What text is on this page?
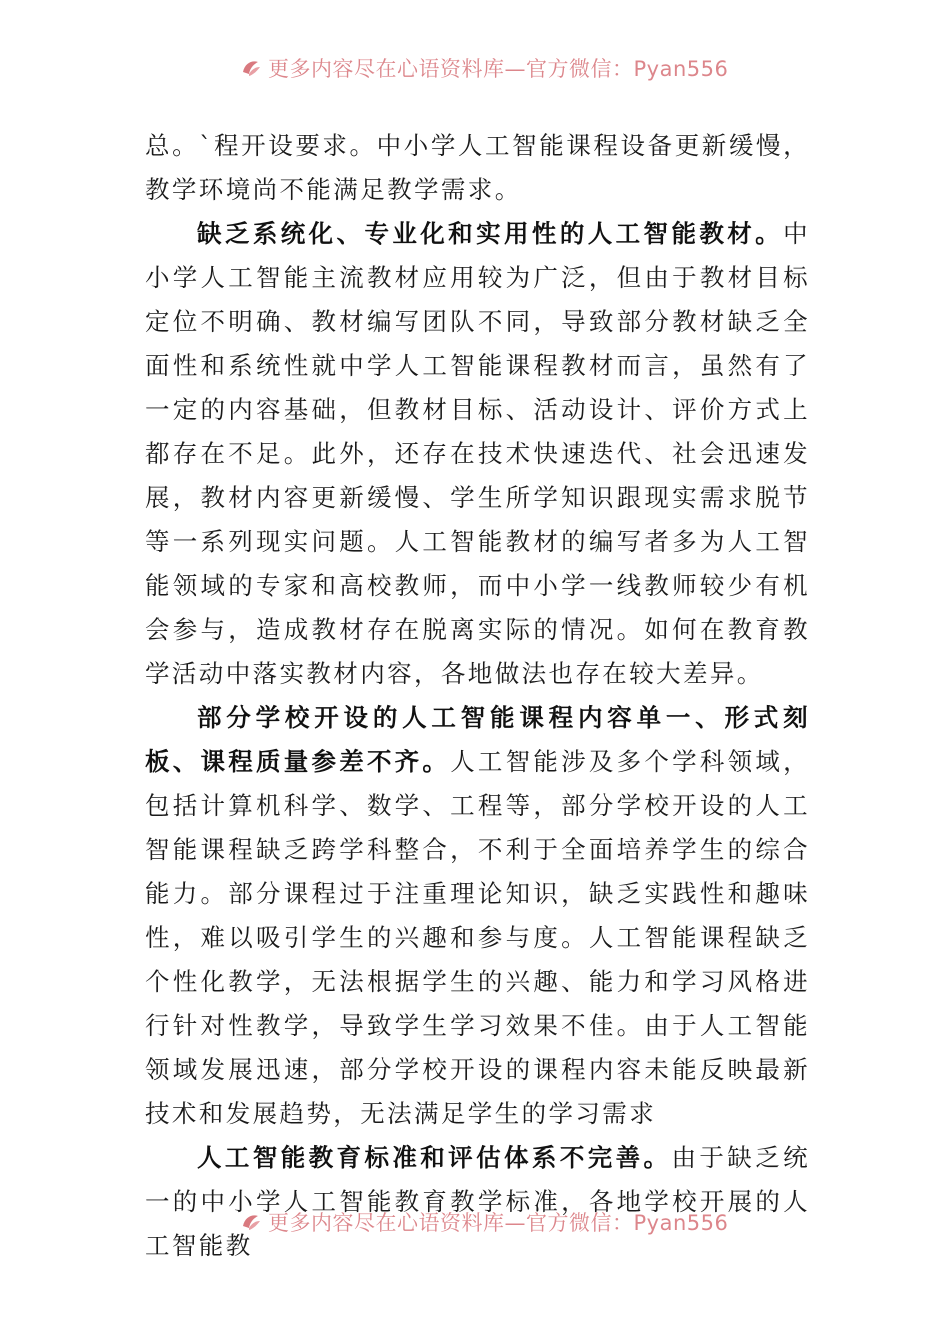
更多内容尽在心语资料库—官方微信：Pyan556

总。`程开设要求。中小学人工智能课程设备更新缓慢，教学环境尚不能满足教学需求。

缺乏系统化、专业化和实用性的人工智能教材。中小学人工智能主流教材应用较为广泛，但由于教材目标定位不明确、教材编写团队不同，导致部分教材缺乏全面性和系统性就中学人工智能课程教材而言，虽然有了一定的内容基础，但教材目标、活动设计、评价方式上都存在不足。此外，还存在技术快速迭代、社会迅速发展，教材内容更新缓慢、学生所学知识跟现实需求脱节等一系列现实问题。人工智能教材的编写者多为人工智能领域的专家和高校教师，而中小学一线教师较少有机会参与，造成教材存在脱离实际的情况。如何在教育教学活动中落实教材内容，各地做法也存在较大差异。

部分学校开设的人工智能课程内容单一、形式刻板、课程质量参差不齐。人工智能涉及多个学科领域，包括计算机科学、数学、工程等，部分学校开设的人工智能课程缺乏跨学科整合，不利于全面培养学生的综合能力。部分课程过于注重理论知识，缺乏实践性和趣味性，难以吸引学生的兴趣和参与度。人工智能课程缺乏个性化教学，无法根据学生的兴趣、能力和学习风格进行针对性教学，导致学生学习效果不佳。由于人工智能领域发展迅速，部分学校开设的课程内容未能反映最新技术和发展趋势，无法满足学生的学习需求

人工智能教育标准和评估体系不完善。由于缺乏统一的中小学人工智能教育教学标准，各地学校开展的人工智能教

更多内容尽在心语资料库—官方微信：Pyan556
